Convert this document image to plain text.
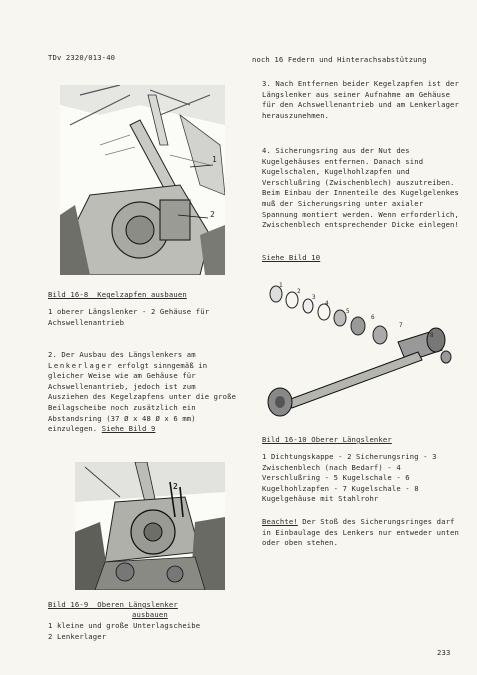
TDv 2320/013-40	noch 16 Federn und Hinterachsabstützung
1
2
Bild 16-8  Kegelzapfen ausbauen
1 oberer Längslenker - 2 Gehäuse für Achswellenantrieb
2. Der Ausbau des Längslenkers am
Lenkerlager erfolgt sinngemäß in gleicher Weise wie am Gehäuse für Achswellenantrieb, jedoch ist zum Ausziehen des Kegelzapfens unter die große Beilagscheibe noch zusätzlich ein Abstandsring (37 Ø x 48 Ø x 6 mm) einzulegen. Siehe Bild 9
2
Bild 16-9  Oberen Längslenker
ausbauen
1 kleine und große Unterlagscheibe
2 Lenkerlager
3. Nach Entfernen beider Kegelzapfen ist der Längslenker aus seiner Aufnahme am Gehäuse für den Achswellenantrieb und am Lenkerlager herauszunehmen.
4. Sicherungsring aus der Nut des Kugelgehäuses entfernen. Danach sind Kugelschalen, Kugelhohlzapfen und Verschlußring (Zwischenblech) auszutreiben.
Beim Einbau der Innenteile des Kugelgelenkes muß der Sicherungsring unter axialer Spannung montiert werden. Wenn erforderlich, Zwischenblech entsprechender Dicke einlegen!
Siehe Bild 10
1
2
3
4
5
6
7
8
Bild 16-10 Oberer Längslenker
1 Dichtungskappe - 2 Sicherungsring - 3 Zwischenblech (nach Bedarf) - 4 Verschlußring - 5 Kugelschale - 6 Kugelhohlzapfen - 7 Kugelschale - 8 Kugelgehäuse mit Stahlrohr
Beachte! Der Stoß des Sicherungsringes darf in Einbaulage des Lenkers nur entweder unten oder oben stehen.
233
